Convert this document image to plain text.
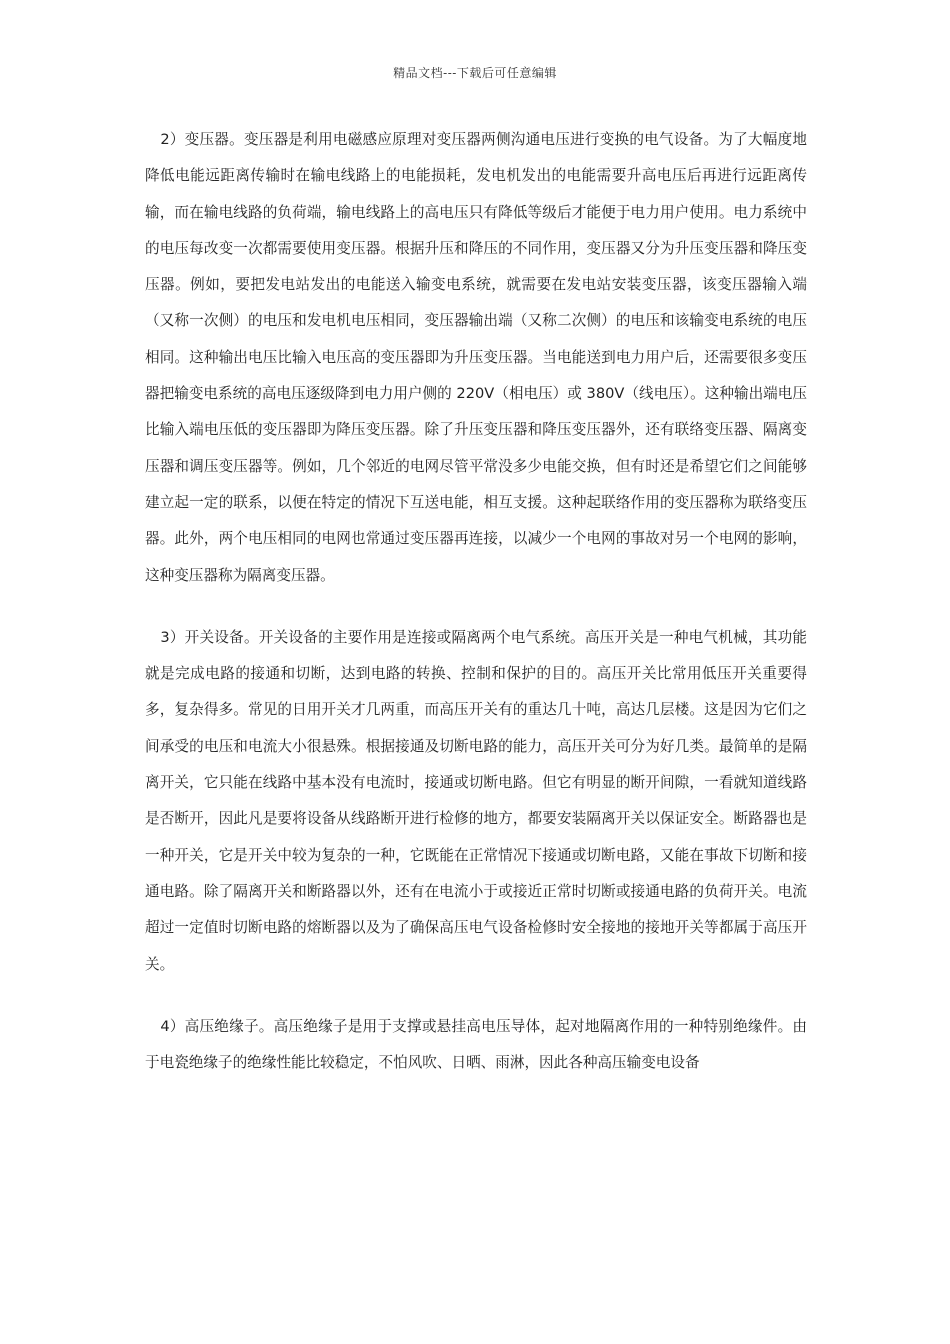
精品文档---下载后可任意编辑

2）变压器。变压器是利用电磁感应原理对变压器两侧沟通电压进行变换的电气设备。为了大幅度地降低电能远距离传输时在输电线路上的电能损耗，发电机发出的电能需要升高电压后再进行远距离传输，而在输电线路的负荷端，输电线路上的高电压只有降低等级后才能便于电力用户使用。电力系统中的电压每改变一次都需要使用变压器。根据升压和降压的不同作用，变压器又分为升压变压器和降压变压器。例如，要把发电站发出的电能送入输变电系统，就需要在发电站安装变压器，该变压器输入端（又称一次侧）的电压和发电机电压相同，变压器输出端（又称二次侧）的电压和该输变电系统的电压相同。这种输出电压比输入电压高的变压器即为升压变压器。当电能送到电力用户后，还需要很多变压器把输变电系统的高电压逐级降到电力用户侧的 220V（相电压）或 380V（线电压）。这种输出端电压比输入端电压低的变压器即为降压变压器。除了升压变压器和降压变压器外，还有联络变压器、隔离变压器和调压变压器等。例如，几个邻近的电网尽管平常没多少电能交换，但有时还是希望它们之间能够建立起一定的联系，以便在特定的情况下互送电能，相互支援。这种起联络作用的变压器称为联络变压器。此外，两个电压相同的电网也常通过变压器再连接，以减少一个电网的事故对另一个电网的影响，这种变压器称为隔离变压器。

3）开关设备。开关设备的主要作用是连接或隔离两个电气系统。高压开关是一种电气机械，其功能就是完成电路的接通和切断，达到电路的转换、控制和保护的目的。高压开关比常用低压开关重要得多，复杂得多。常见的日用开关才几两重，而高压开关有的重达几十吨，高达几层楼。这是因为它们之间承受的电压和电流大小很悬殊。根据接通及切断电路的能力，高压开关可分为好几类。最简单的是隔离开关，它只能在线路中基本没有电流时，接通或切断电路。但它有明显的断开间隙，一看就知道线路是否断开，因此凡是要将设备从线路断开进行检修的地方，都要安装隔离开关以保证安全。断路器也是一种开关，它是开关中较为复杂的一种，它既能在正常情况下接通或切断电路，又能在事故下切断和接通电路。除了隔离开关和断路器以外，还有在电流小于或接近正常时切断或接通电路的负荷开关。电流超过一定值时切断电路的熔断器以及为了确保高压电气设备检修时安全接地的接地开关等都属于高压开关。

4）高压绝缘子。高压绝缘子是用于支撑或悬挂高电压导体，起对地隔离作用的一种特别绝缘件。由于电瓷绝缘子的绝缘性能比较稳定，不怕风吹、日晒、雨淋，因此各种高压输变电设备
